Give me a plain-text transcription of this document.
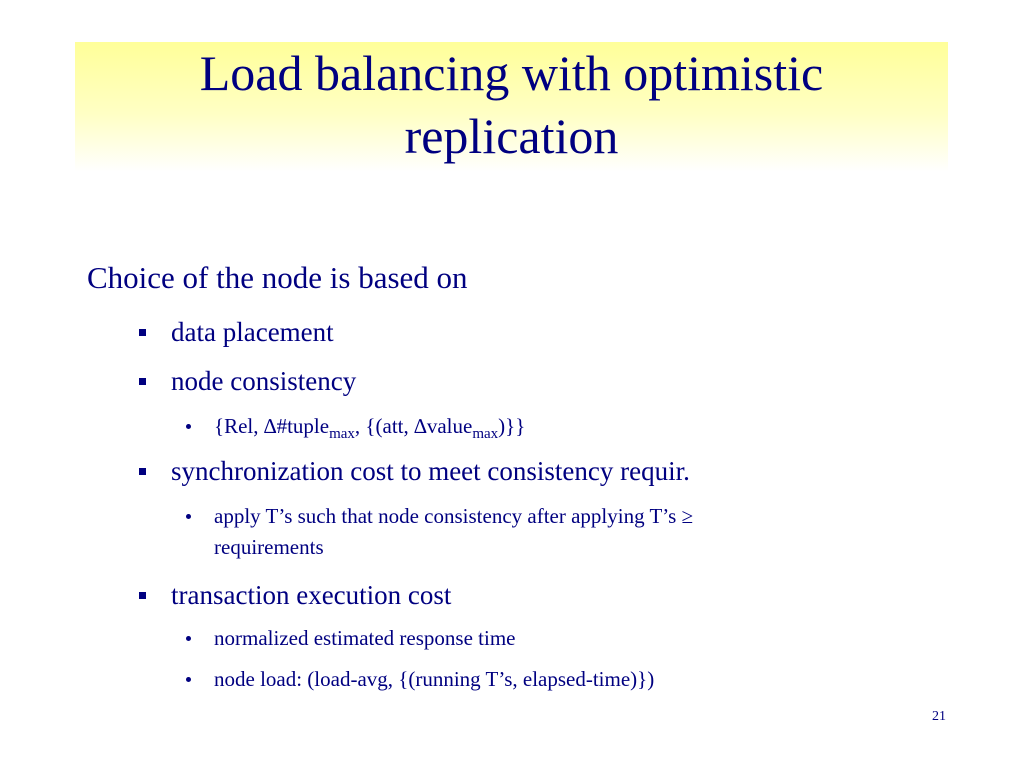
Load balancing with optimistic
replication
Choice of the node is based on
data placement
node consistency
{Rel, ∆#tuple$_{max}$, {(att, ∆value$_{max}$)}}
synchronization cost to meet consistency requir.
apply T’s such that node consistency after applying T’s ≥
requirements
transaction execution cost
normalized estimated response time
node load: (load-avg, {(running T’s, elapsed-time)})
21
